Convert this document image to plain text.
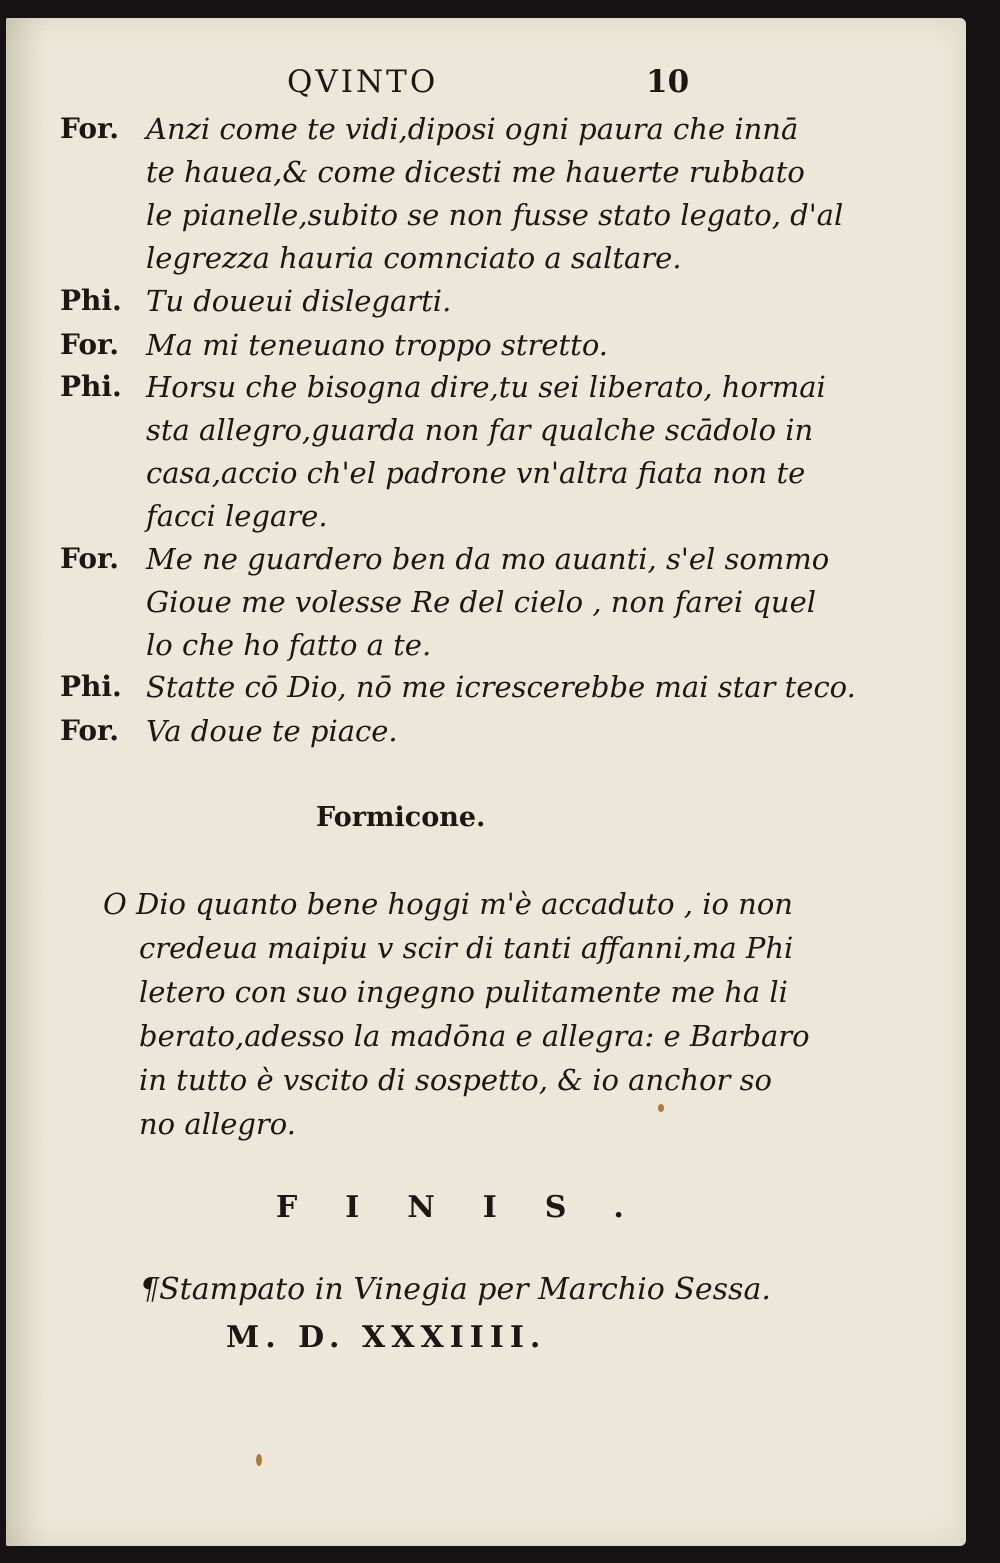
QVINTO	10
For. Anzi come te vidi,diposi ogni paura che innā
te hauea,& come dicesti me hauerte rubbato
le pianelle,subito se non fusse stato legato, d'al
legrezza hauria comnciato a saltare.
Phi. Tu doueui dislegarti.
For. Ma mi teneuano troppo stretto.
Phi. Horsu che bisogna dire,tu sei liberato, hormai
sta allegro,guarda non far qualche scādolo in
casa,accio ch'el padrone vn'altra fiata non te
facci legare.
For. Me ne guardero ben da mo auanti, s'el sommo
Gioue me volesse Re del cielo , non farei quel
lo che ho fatto a te.
Phi. Statte cō Dio, nō me icrescerebbe mai star teco.
For. Va doue te piace.
Formicone.
O Dio quanto bene hoggi m'è accaduto , io non
credeua maipiu v scir di tanti affanni,ma Phi
letero con suo ingegno pulitamente me ha li
berato,adesso la madōna e allegra: e Barbaro
in tutto è vscito di sospetto, & io anchor so
no allegro.
FINIS.
¶Stampato in Vinegia per Marchio Sessa.
M. D. XXXIIII.
